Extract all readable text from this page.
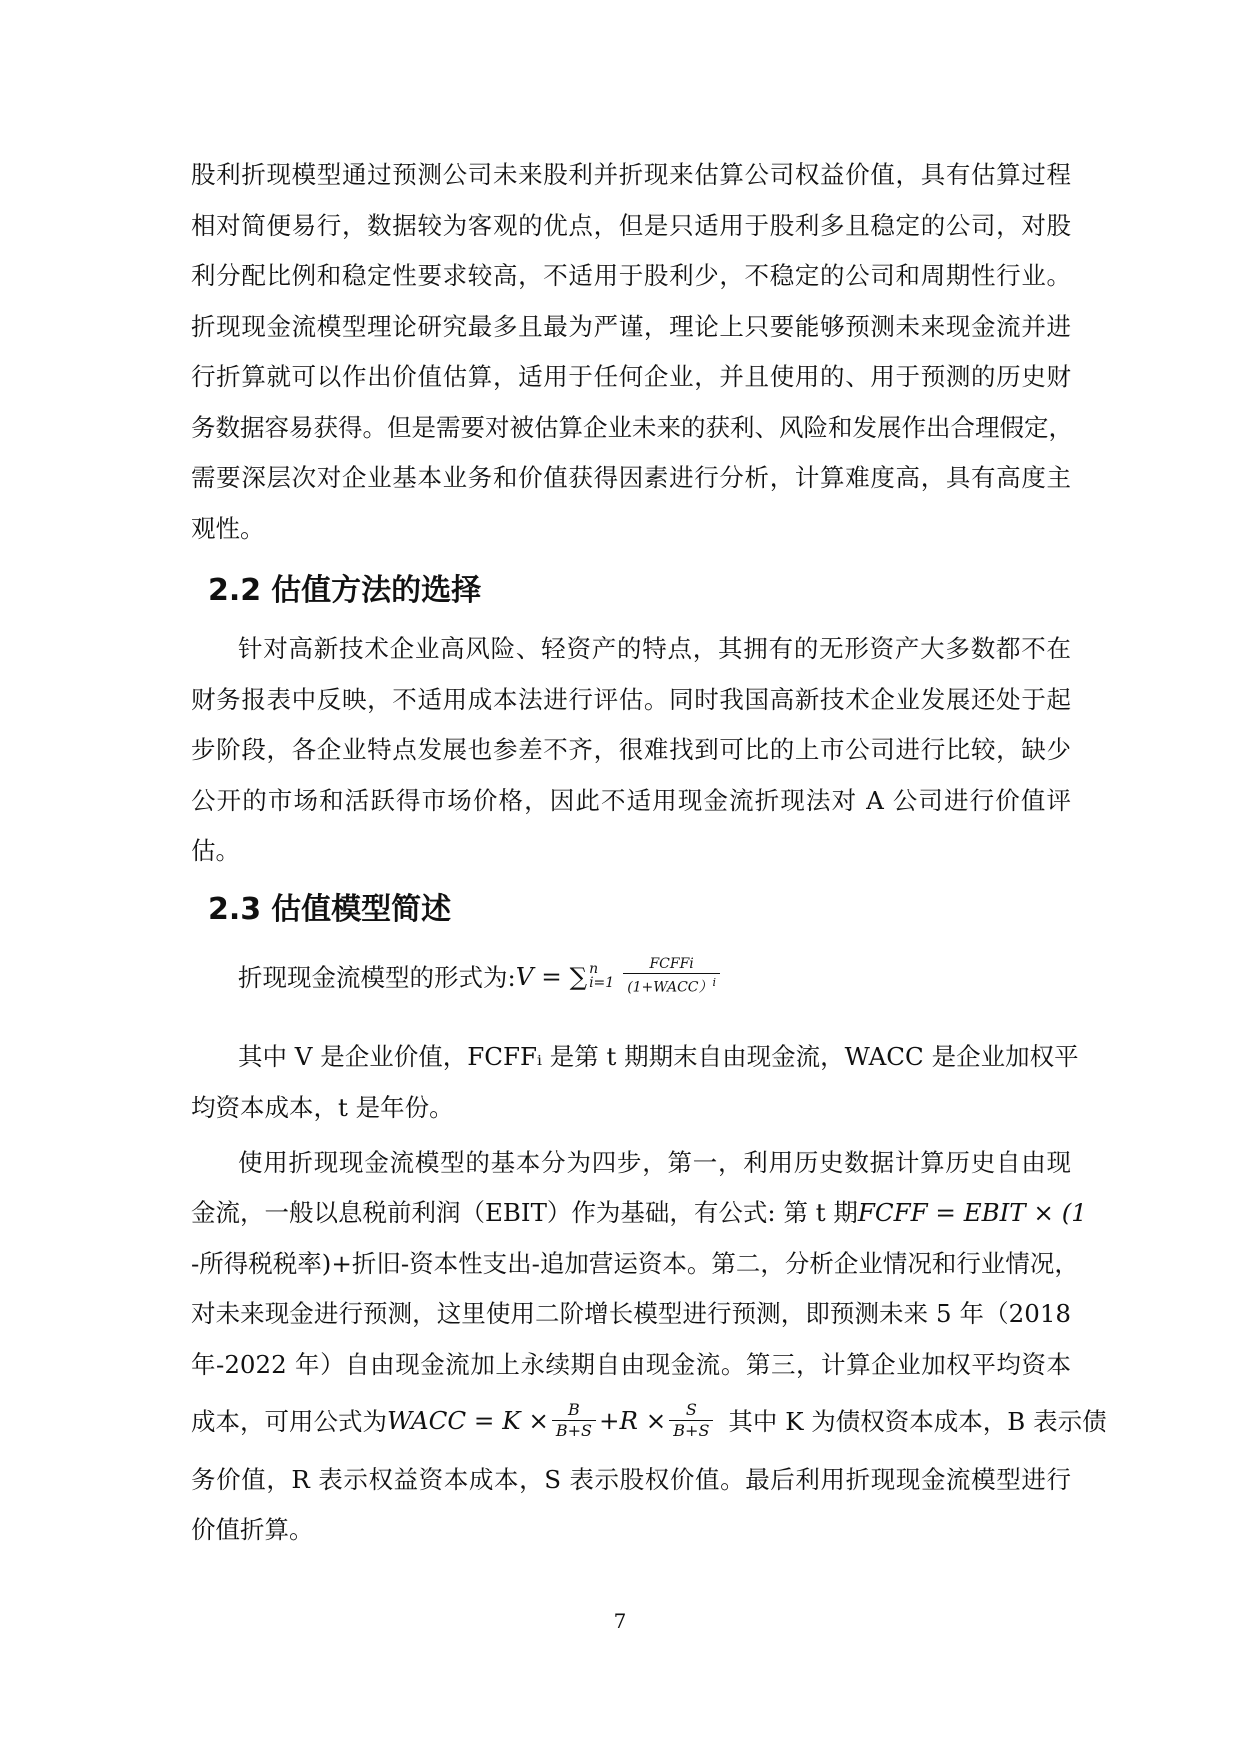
股利折现模型通过预测公司未来股利并折现来估算公司权益价值，具有估算过程
相对简便易行，数据较为客观的优点，但是只适用于股利多且稳定的公司，对股
利分配比例和稳定性要求较高，不适用于股利少，不稳定的公司和周期性行业。
折现现金流模型理论研究最多且最为严谨，理论上只要能够预测未来现金流并进
行折算就可以作出价值估算，适用于任何企业，并且使用的、用于预测的历史财
务数据容易获得。但是需要对被估算企业未来的获利、风险和发展作出合理假定，
需要深层次对企业基本业务和价值获得因素进行分析，计算难度高，具有高度主
观性。
2.2 估值方法的选择
针对高新技术企业高风险、轻资产的特点，其拥有的无形资产大多数都不在
财务报表中反映，不适用成本法进行评估。同时我国高新技术企业发展还处于起
步阶段，各企业特点发展也参差不齐，很难找到可比的上市公司进行比较，缺少
公开的市场和活跃得市场价格，因此不适用现金流折现法对 A 公司进行价值评
估。
2.3 估值模型简述
折现现金流模型的形式为: V = ∑ n
$i=1 \frac{\text{FCFFi}}{(1+WACC)^i}$
其中 V 是企业价值，FCFFᵢ 是第 t 期期末自由现金流，WACC 是企业加权平
均资本成本，t 是年份。
使用折现现金流模型的基本分为四步，第一，利用历史数据计算历史自由现
金流，一般以息税前利润（EBIT）作为基础，有公式: 第 t 期FCFF = EBIT × (1
-所得税税率)+折旧-资本性支出-追加营运资本。第二，分析企业情况和行业情况，
对未来现金进行预测，这里使用二阶增长模型进行预测，即预测未来 5 年（2018
年-2022 年）自由现金流加上永续期自由现金流。第三，计算企业加权平均资本
成本，可用公式为 WACC = $K \times \frac{B}{B+S} +R \times \frac{S}{B+S}$ 其中 K 为债权资本成本，B 表示债
务价值，R 表示权益资本成本，S 表示股权价值。最后利用折现现金流模型进行
价值折算。
7
